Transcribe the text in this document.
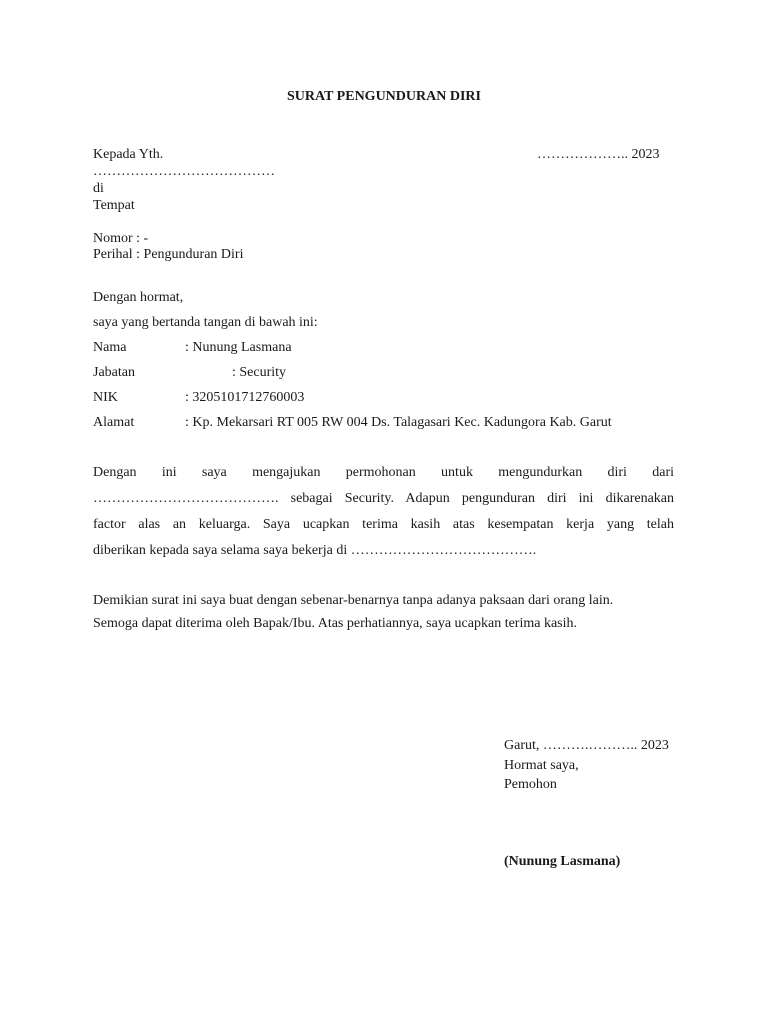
SURAT PENGUNDURAN DIRI
Kepada Yth.	……………….. 2023
…………………………………
di
Tempat
Nomor : -
Perihal : Pengunduran Diri
Dengan hormat,
saya yang bertanda tangan di bawah ini:
Nama	: Nunung Lasmana
Jabatan	: Security
NIK	: 3205101712760003
Alamat	: Kp. Mekarsari RT 005 RW 004 Ds. Talagasari Kec. Kadungora Kab. Garut
Dengan ini saya mengajukan permohonan untuk mengundurkan diri dari
…………………………………. sebagai Security. Adapun pengunduran diri ini dikarenakan
factor alas an keluarga. Saya ucapkan terima kasih atas kesempatan kerja yang telah
diberikan kepada saya selama saya bekerja di ………………………………….
Demikian surat ini saya buat dengan sebenar-benarnya tanpa adanya paksaan dari orang lain.
Semoga dapat diterima oleh Bapak/Ibu. Atas perhatiannya, saya ucapkan terima kasih.
Garut, ……….……….. 2023
Hormat saya,
Pemohon
(Nunung Lasmana)
